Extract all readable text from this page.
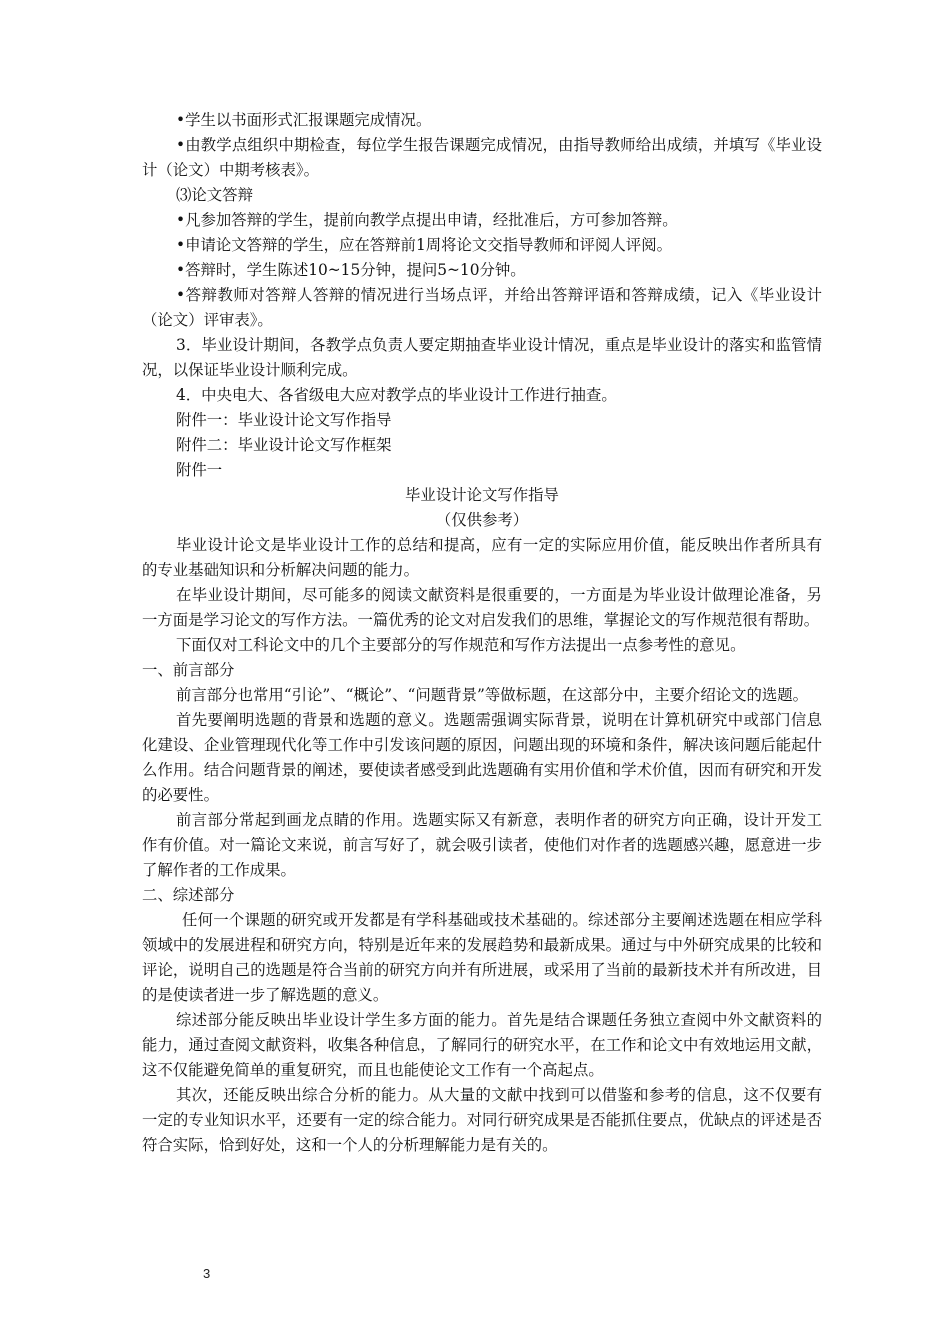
•学生以书面形式汇报课题完成情况。

•由教学点组织中期检查，每位学生报告课题完成情况，由指导教师给出成绩，并填写《毕业设计（论文）中期考核表》。

⑶论文答辩

•凡参加答辩的学生，提前向教学点提出申请，经批准后，方可参加答辩。

•申请论文答辩的学生，应在答辩前1周将论文交指导教师和评阅人评阅。

•答辩时，学生陈述10~15分钟，提问5~10分钟。

•答辩教师对答辩人答辩的情况进行当场点评，并给出答辩评语和答辩成绩，记入《毕业设计（论文）评审表》。

3．毕业设计期间，各教学点负责人要定期抽查毕业设计情况，重点是毕业设计的落实和监管情况，以保证毕业设计顺利完成。

4．中央电大、各省级电大应对教学点的毕业设计工作进行抽查。

附件一：毕业设计论文写作指导

附件二：毕业设计论文写作框架

附件一

毕业设计论文写作指导

（仅供参考）

毕业设计论文是毕业设计工作的总结和提高，应有一定的实际应用价值，能反映出作者所具有的专业基础知识和分析解决问题的能力。

在毕业设计期间，尽可能多的阅读文献资料是很重要的，一方面是为毕业设计做理论准备，另一方面是学习论文的写作方法。一篇优秀的论文对启发我们的思维，掌握论文的写作规范很有帮助。

下面仅对工科论文中的几个主要部分的写作规范和写作方法提出一点参考性的意见。

一、前言部分

前言部分也常用“引论”、“概论”、“问题背景”等做标题，在这部分中，主要介绍论文的选题。

首先要阐明选题的背景和选题的意义。选题需强调实际背景，说明在计算机研究中或部门信息化建设、企业管理现代化等工作中引发该问题的原因，问题出现的环境和条件，解决该问题后能起什么作用。结合问题背景的阐述，要使读者感受到此选题确有实用价值和学术价值，因而有研究和开发的必要性。

前言部分常起到画龙点睛的作用。选题实际又有新意，表明作者的研究方向正确，设计开发工作有价值。对一篇论文来说，前言写好了，就会吸引读者，使他们对作者的选题感兴趣，愿意进一步了解作者的工作成果。

二、综述部分

任何一个课题的研究或开发都是有学科基础或技术基础的。综述部分主要阐述选题在相应学科领域中的发展进程和研究方向，特别是近年来的发展趋势和最新成果。通过与中外研究成果的比较和评论，说明自己的选题是符合当前的研究方向并有所进展，或采用了当前的最新技术并有所改进，目的是使读者进一步了解选题的意义。

综述部分能反映出毕业设计学生多方面的能力。首先是结合课题任务独立查阅中外文献资料的能力，通过查阅文献资料，收集各种信息，了解同行的研究水平，在工作和论文中有效地运用文献，这不仅能避免简单的重复研究，而且也能使论文工作有一个高起点。

其次，还能反映出综合分析的能力。从大量的文献中找到可以借鉴和参考的信息，这不仅要有一定的专业知识水平，还要有一定的综合能力。对同行研究成果是否能抓住要点，优缺点的评述是否符合实际，恰到好处，这和一个人的分析理解能力是有关的。

3
